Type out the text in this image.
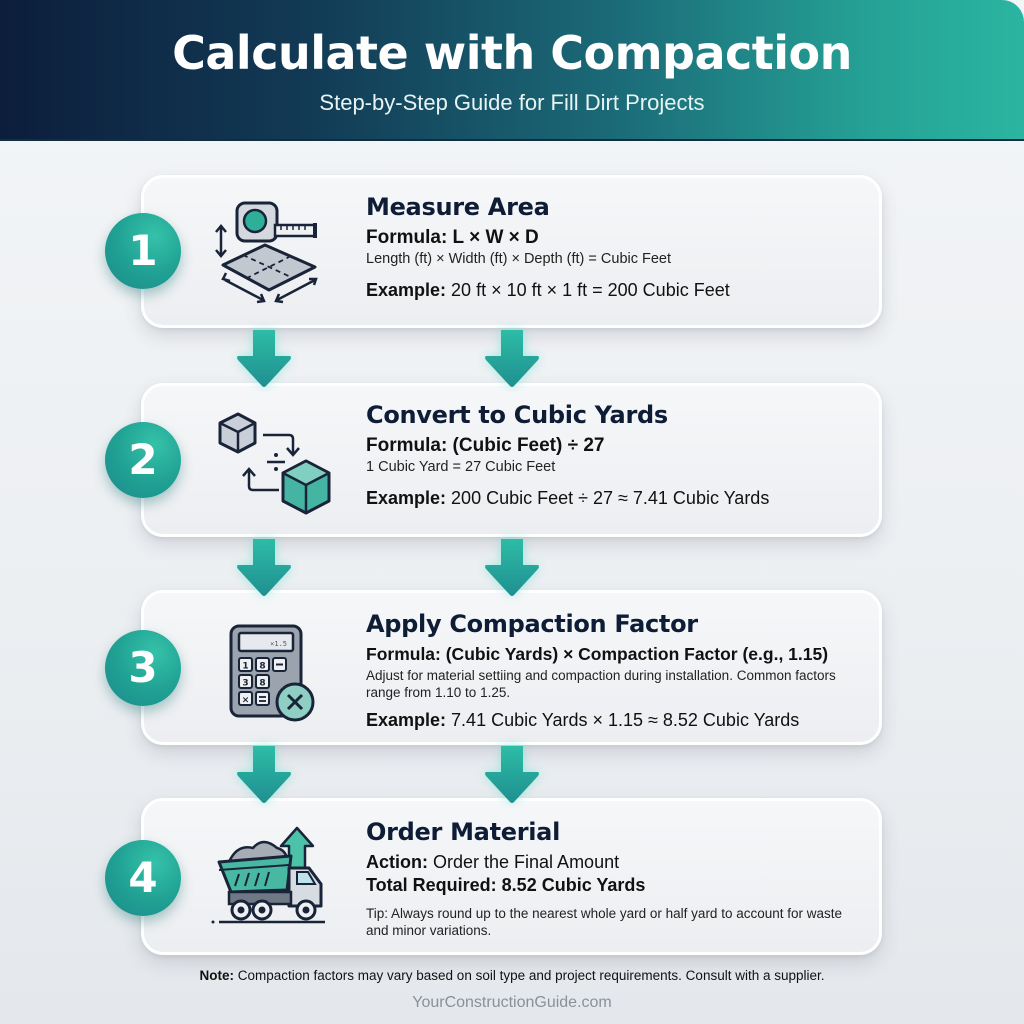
Calculate with Compaction
Step-by-Step Guide for Fill Dirt Projects
1
Measure Area
Formula: L × W × D
Length (ft) × Width (ft) × Depth (ft) = Cubic Feet
Example: 20 ft × 10 ft × 1 ft = 200 Cubic Feet
2
Convert to Cubic Yards
Formula: (Cubic Feet) ÷ 27
1 Cubic Yard = 27 Cubic Feet
Example: 200 Cubic Feet ÷ 27 ≈ 7.41 Cubic Yards
3	×1.5
1 8
3 8
×
Apply Compaction Factor
Formula: (Cubic Yards) × Compaction Factor (e.g., 1.15)
Adjust for material settiing and compaction during installation. Common factors range from 1.10 to 1.25.
Example: 7.41 Cubic Yards × 1.15 ≈ 8.52 Cubic Yards
4
Order Material
Action: Order the Final Amount
Total Required: 8.52 Cubic Yards
Tip: Always round up to the nearest whole yard or half yard to account for waste and minor variations.
Note: Compaction factors may vary based on soil type and project requirements. Consult with a supplier.
YourConstructionGuide.com
